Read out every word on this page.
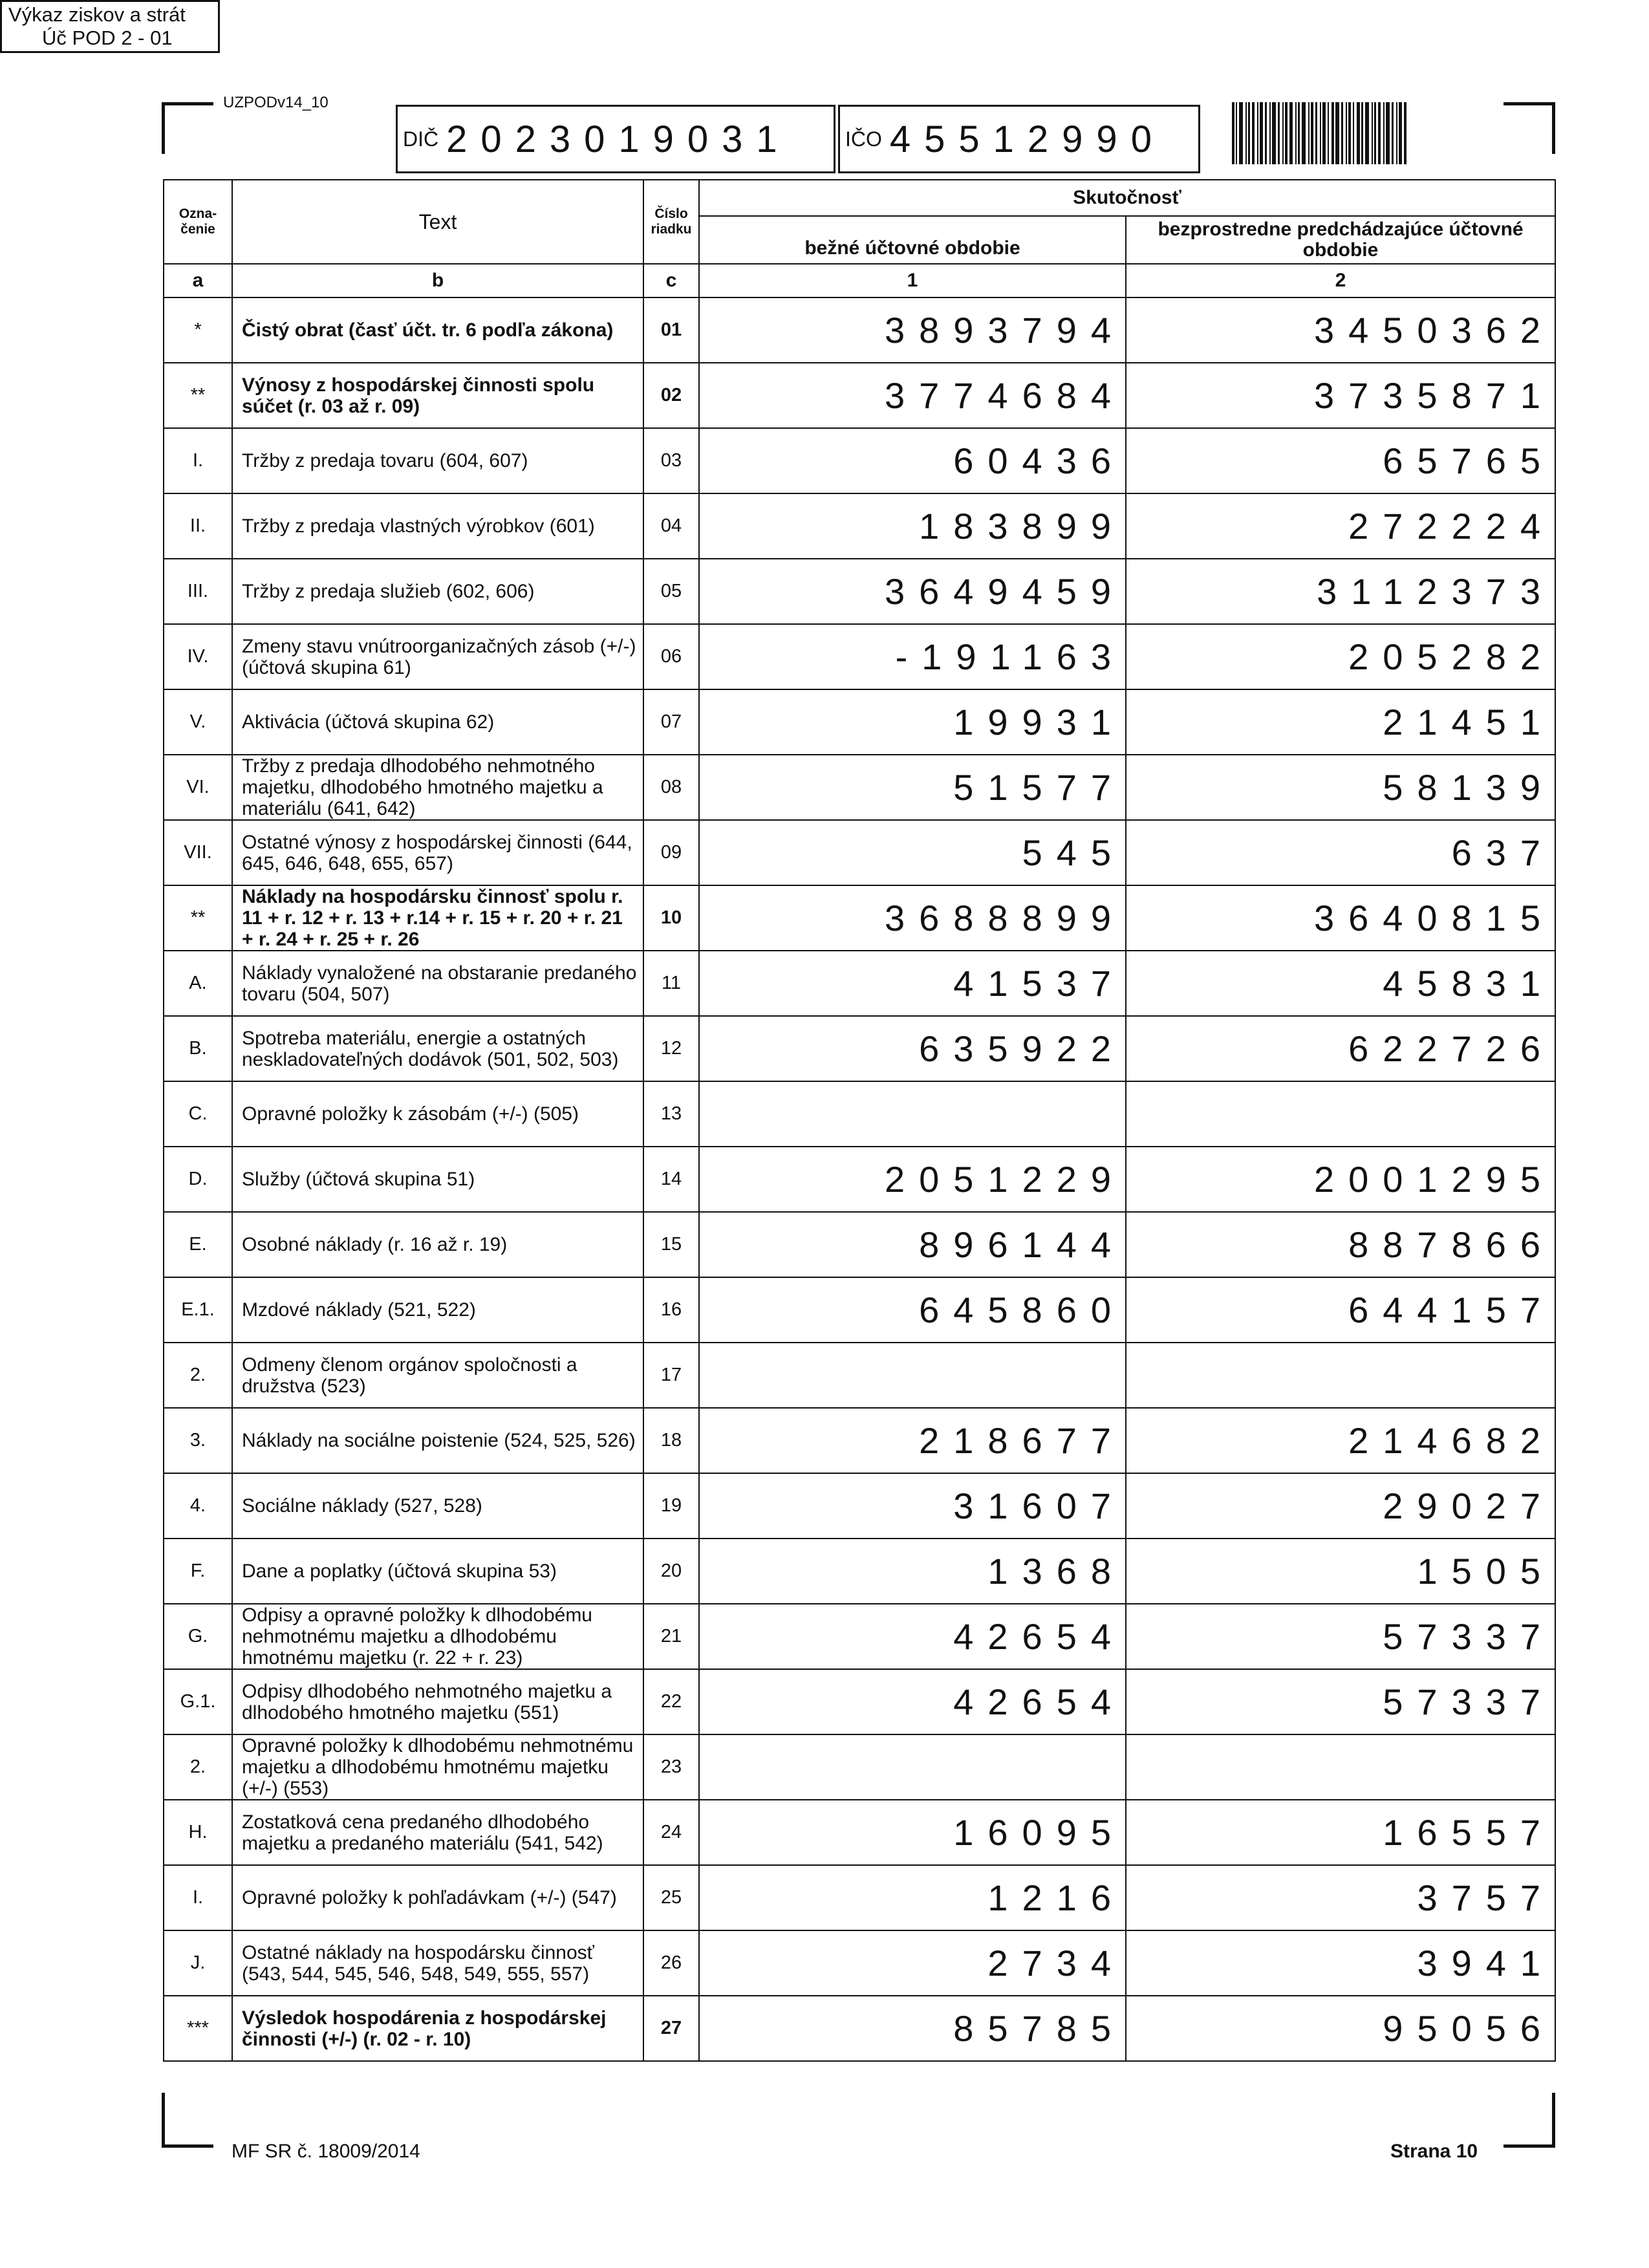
UZPODv14_10
Výkaz ziskov a strát
Úč POD 2 - 01
DIČ 2023019031	IČO 45512990
Ozna-
čenie	Text	Číslo
riadku	Skutočnosť	
			bežné účtovné obdobie	bezprostredne predchádzajúce účtovné obdobie
a	b	c	1	2
*	Čistý obrat (časť účt. tr. 6 podľa zákona)	01	3893794	3450362
**	Výnosy z hospodárskej činnosti spolu súčet (r. 03 až r. 09)	02	3774684	3735871
I.	Tržby z predaja tovaru (604, 607)	03	60436	65765
II.	Tržby z predaja vlastných výrobkov (601)	04	183899	272224
III.	Tržby z predaja služieb (602, 606)	05	3649459	3112373
IV.	Zmeny stavu vnútroorganizačných zásob (+/-) (účtová skupina 61)	06	-191163	205282
V.	Aktivácia (účtová skupina 62)	07	19931	21451
VI.	Tržby z predaja dlhodobého nehmotného majetku, dlhodobého hmotného majetku a materiálu (641, 642)	08	51577	58139
VII.	Ostatné výnosy z hospodárskej činnosti (644, 645, 646, 648, 655, 657)	09	545	637
**	Náklady na hospodársku činnosť spolu r. 11 + r. 12 + r. 13 + r.14 + r. 15 + r. 20 + r. 21 + r. 24 + r. 25 + r. 26	10	3688899	3640815
A.	Náklady vynaložené na obstaranie predaného tovaru (504, 507)	11	41537	45831
B.	Spotreba materiálu, energie a ostatných neskladovateľných dodávok (501, 502, 503)	12	635922	622726
C.	Opravné položky k zásobám (+/-) (505)	13		
D.	Služby (účtová skupina 51)	14	2051229	2001295
E.	Osobné náklady (r. 16 až r. 19)	15	896144	887866
E.1.	Mzdové náklady (521, 522)	16	645860	644157
2.	Odmeny členom orgánov spoločnosti a družstva (523)	17		
3.	Náklady na sociálne poistenie (524, 525, 526)	18	218677	214682
4.	Sociálne náklady (527, 528)	19	31607	29027
F.	Dane a poplatky (účtová skupina 53)	20	1368	1505
G.	Odpisy a opravné položky k dlhodobému nehmotnému majetku a dlhodobému hmotnému majetku (r. 22 + r. 23)	21	42654	57337
G.1.	Odpisy dlhodobého nehmotného majetku a dlhodobého hmotného majetku (551)	22	42654	57337
2.	Opravné položky k dlhodobému nehmotnému majetku a dlhodobému hmotnému majetku (+/-) (553)	23		
H.	Zostatková cena predaného dlhodobého majetku a predaného materiálu (541, 542)	24	16095	16557
I.	Opravné položky k pohľadávkam (+/-) (547)	25	1216	3757
J.	Ostatné náklady na hospodársku činnosť (543, 544, 545, 546, 548, 549, 555, 557)	26	2734	3941
***	Výsledok hospodárenia z hospodárskej činnosti (+/-) (r. 02 - r. 10)	27	85785	95056
MF SR č. 18009/2014	Strana 10
